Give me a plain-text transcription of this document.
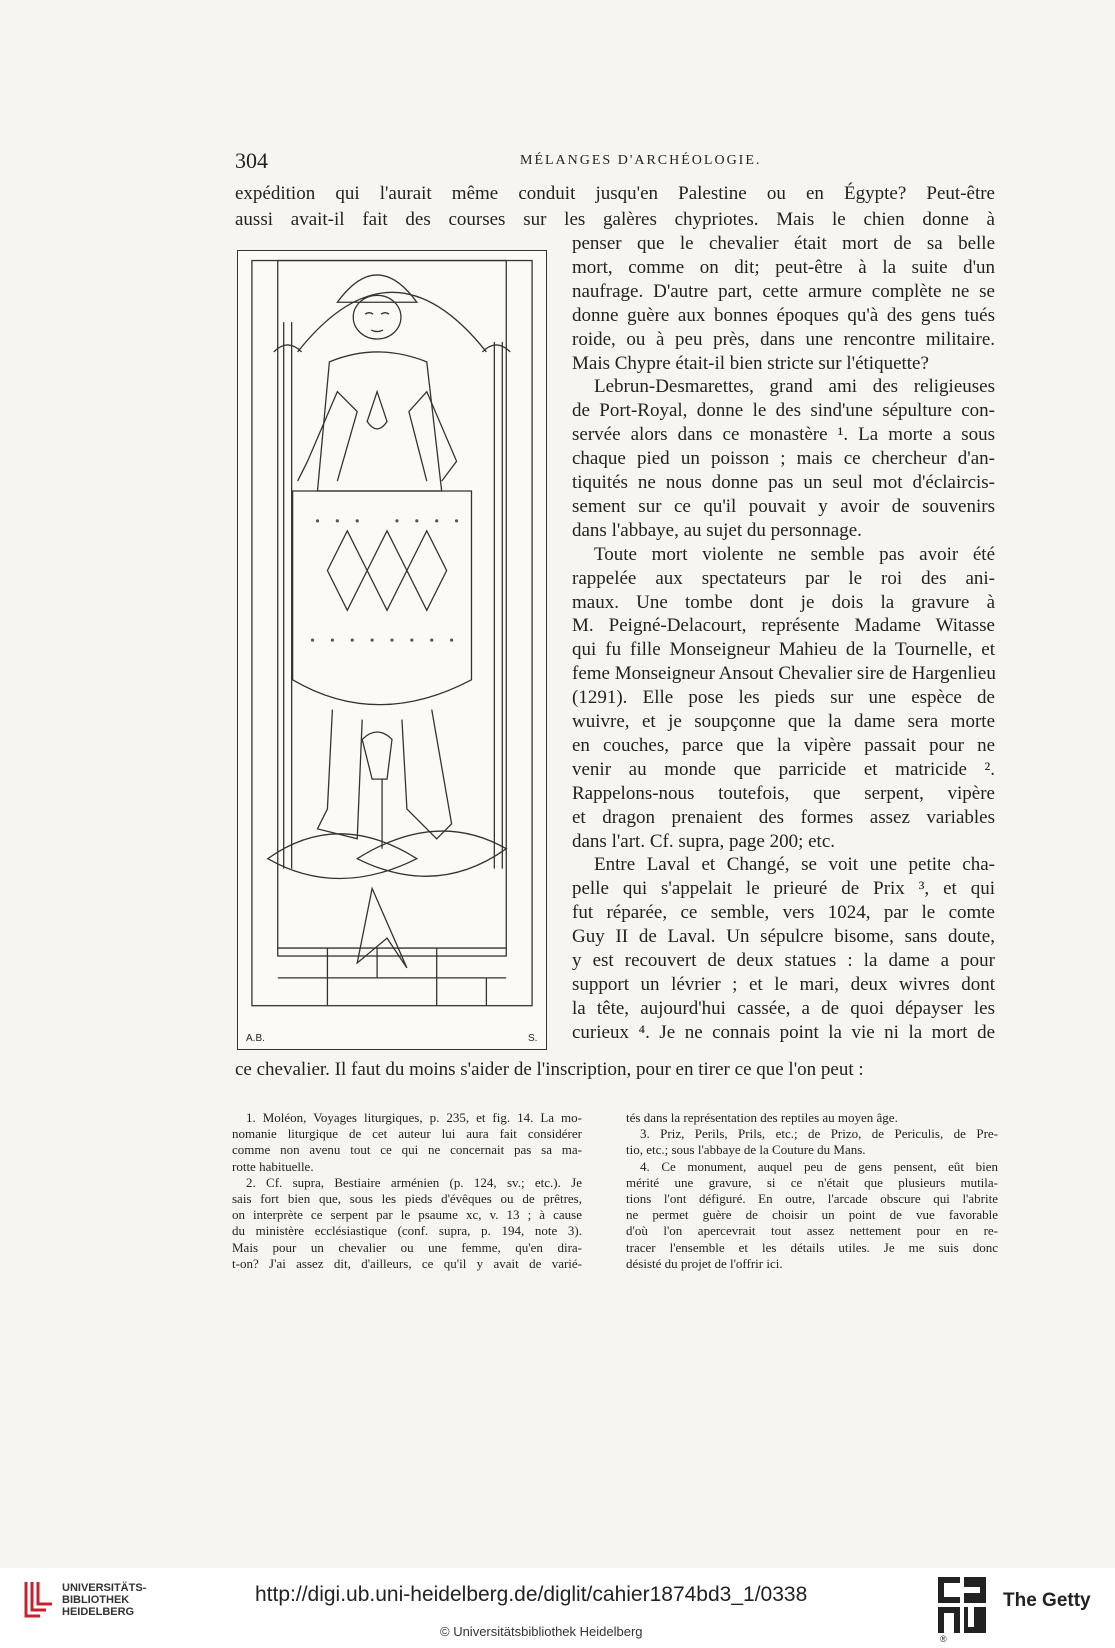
304	MÉLANGES D'ARCHÉOLOGIE.
expédition qui l'aurait même conduit jusqu'en Palestine ou en Égypte? Peut-être
aussi avait-il fait des courses sur les galères chypriotes. Mais le chien donne à
penser que le chevalier était mort de sa belle
mort, comme on dit; peut-être à la suite d'un
naufrage. D'autre part, cette armure complète ne se
donne guère aux bonnes époques qu'à des gens tués
roide, ou à peu près, dans une rencontre militaire.
Mais Chypre était-il bien stricte sur l'étiquette?
Lebrun-Desmarettes, grand ami des religieuses
de Port-Royal, donne le des sind'une sépulture con-
servée alors dans ce monastère ¹. La morte a sous
chaque pied un poisson ; mais ce chercheur d'an-
tiquités ne nous donne pas un seul mot d'éclaircis-
sement sur ce qu'il pouvait y avoir de souvenirs
dans l'abbaye, au sujet du personnage.
Toute mort violente ne semble pas avoir été
rappelée aux spectateurs par le roi des ani-
maux. Une tombe dont je dois la gravure à
M. Peigné-Delacourt, représente Madame Witasse
qui fu fille Monseigneur Mahieu de la Tournelle, et
feme Monseigneur Ansout Chevalier sire de Hargenlieu
(1291). Elle pose les pieds sur une espèce de
wuivre, et je soupçonne que la dame sera morte
en couches, parce que la vipère passait pour ne
venir au monde que parricide et matricide ².
Rappelons-nous toutefois, que serpent, vipère
et dragon prenaient des formes assez variables
dans l'art. Cf. supra, page 200; etc.
Entre Laval et Changé, se voit une petite cha-
pelle qui s'appelait le prieuré de Prix ³, et qui
fut réparée, ce semble, vers 1024, par le comte
Guy II de Laval. Un sépulcre bisome, sans doute,
y est recouvert de deux statues : la dame a pour
support un lévrier ; et le mari, deux wivres dont
la tête, aujourd'hui cassée, a de quoi dépayser les
curieux ⁴. Je ne connais point la vie ni la mort de
ce chevalier. Il faut du moins s'aider de l'inscription, pour en tirer ce que l'on peut :
A.B.	S.
1. Moléon, Voyages liturgiques, p. 235, et fig. 14. La mo-
nomanie liturgique de cet auteur lui aura fait considérer
comme non avenu tout ce qui ne concernait pas sa ma-
rotte habituelle.
2. Cf. supra, Bestiaire arménien (p. 124, sv.; etc.). Je
sais fort bien que, sous les pieds d'évêques ou de prêtres,
on interprète ce serpent par le psaume xc, v. 13 ; à cause
du ministère ecclésiastique (conf. supra, p. 194, note 3).
Mais pour un chevalier ou une femme, qu'en dira-
t-on? J'ai assez dit, d'ailleurs, ce qu'il y avait de varié-
tés dans la représentation des reptiles au moyen âge.
3. Priz, Perils, Prils, etc.; de Prizo, de Periculis, de Pre-
tio, etc.; sous l'abbaye de la Couture du Mans.
4. Ce monument, auquel peu de gens pensent, eût bien
mérité une gravure, si ce n'était que plusieurs mutila-
tions l'ont défiguré. En outre, l'arcade obscure qui l'abrite
ne permet guère de choisir un point de vue favorable
d'où l'on apercevrait tout assez nettement pour en re-
tracer l'ensemble et les détails utiles. Je me suis donc
désisté du projet de l'offrir ici.
UNIVERSITÄTS-
BIBLIOTHEK
HEIDELBERG
http://digi.ub.uni-heidelberg.de/diglit/cahier1874bd3_1/0338
© Universitätsbibliothek Heidelberg	®
The Getty
